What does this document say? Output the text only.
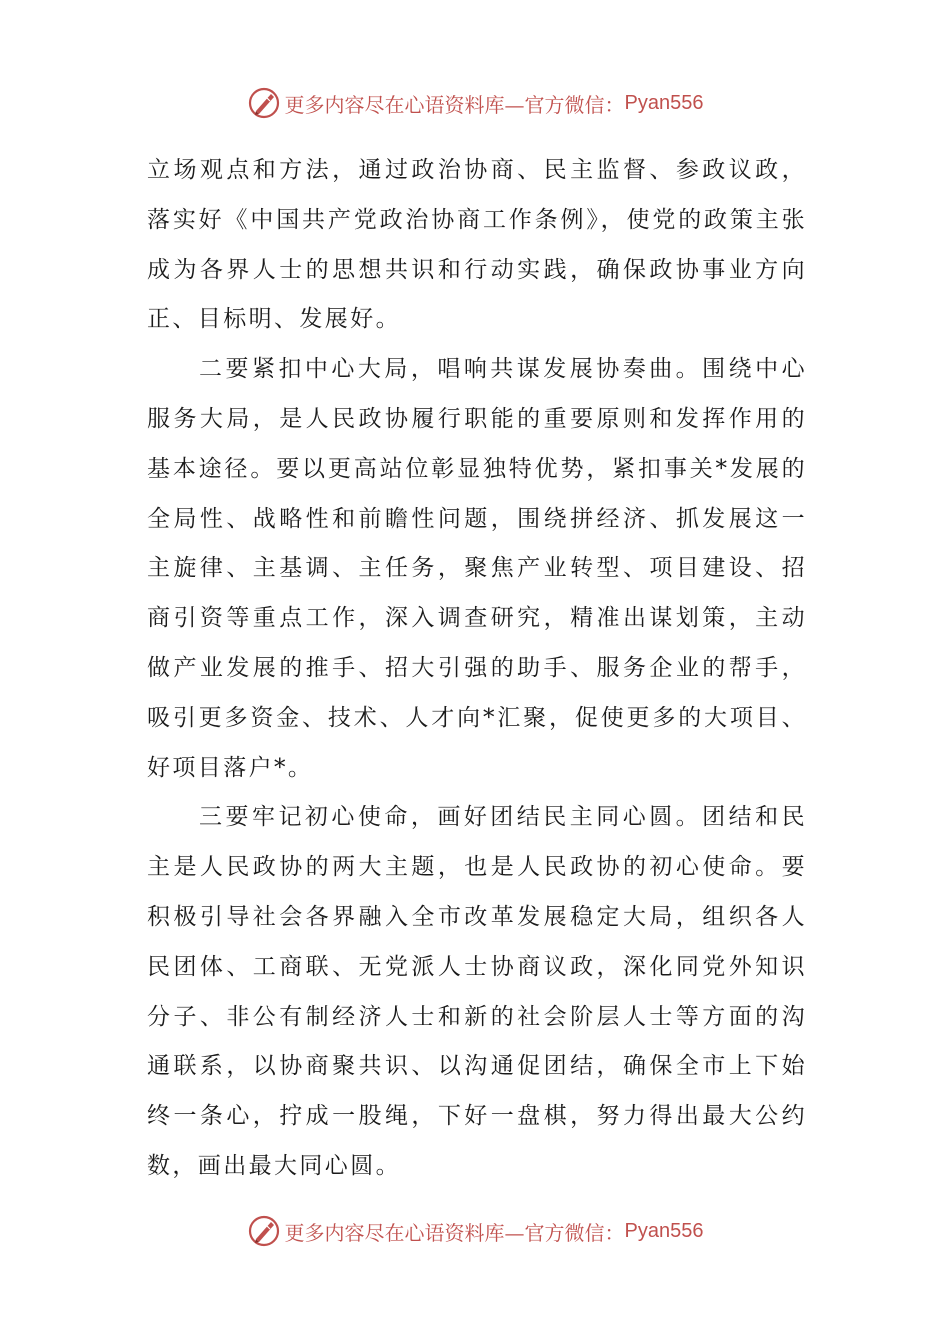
更多内容尽在心语资料库—官方微信： Pyan556

立场观点和方法，通过政治协商、民主监督、参政议政，落实好《中国共产党政治协商工作条例》，使党的政策主张成为各界人士的思想共识和行动实践，确保政协事业方向正、目标明、发展好。

二要紧扣中心大局，唱响共谋发展协奏曲。围绕中心服务大局，是人民政协履行职能的重要原则和发挥作用的基本途径。要以更高站位彰显独特优势，紧扣事关*发展的全局性、战略性和前瞻性问题，围绕拼经济、抓发展这一主旋律、主基调、主任务，聚焦产业转型、项目建设、招商引资等重点工作，深入调查研究，精准出谋划策，主动做产业发展的推手、招大引强的助手、服务企业的帮手，吸引更多资金、技术、人才向*汇聚，促使更多的大项目、好项目落户*。

三要牢记初心使命，画好团结民主同心圆。团结和民主是人民政协的两大主题，也是人民政协的初心使命。要积极引导社会各界融入全市改革发展稳定大局，组织各人民团体、工商联、无党派人士协商议政，深化同党外知识分子、非公有制经济人士和新的社会阶层人士等方面的沟通联系，以协商聚共识、以沟通促团结，确保全市上下始终一条心，拧成一股绳，下好一盘棋，努力得出最大公约数，画出最大同心圆。

更多内容尽在心语资料库—官方微信： Pyan556
